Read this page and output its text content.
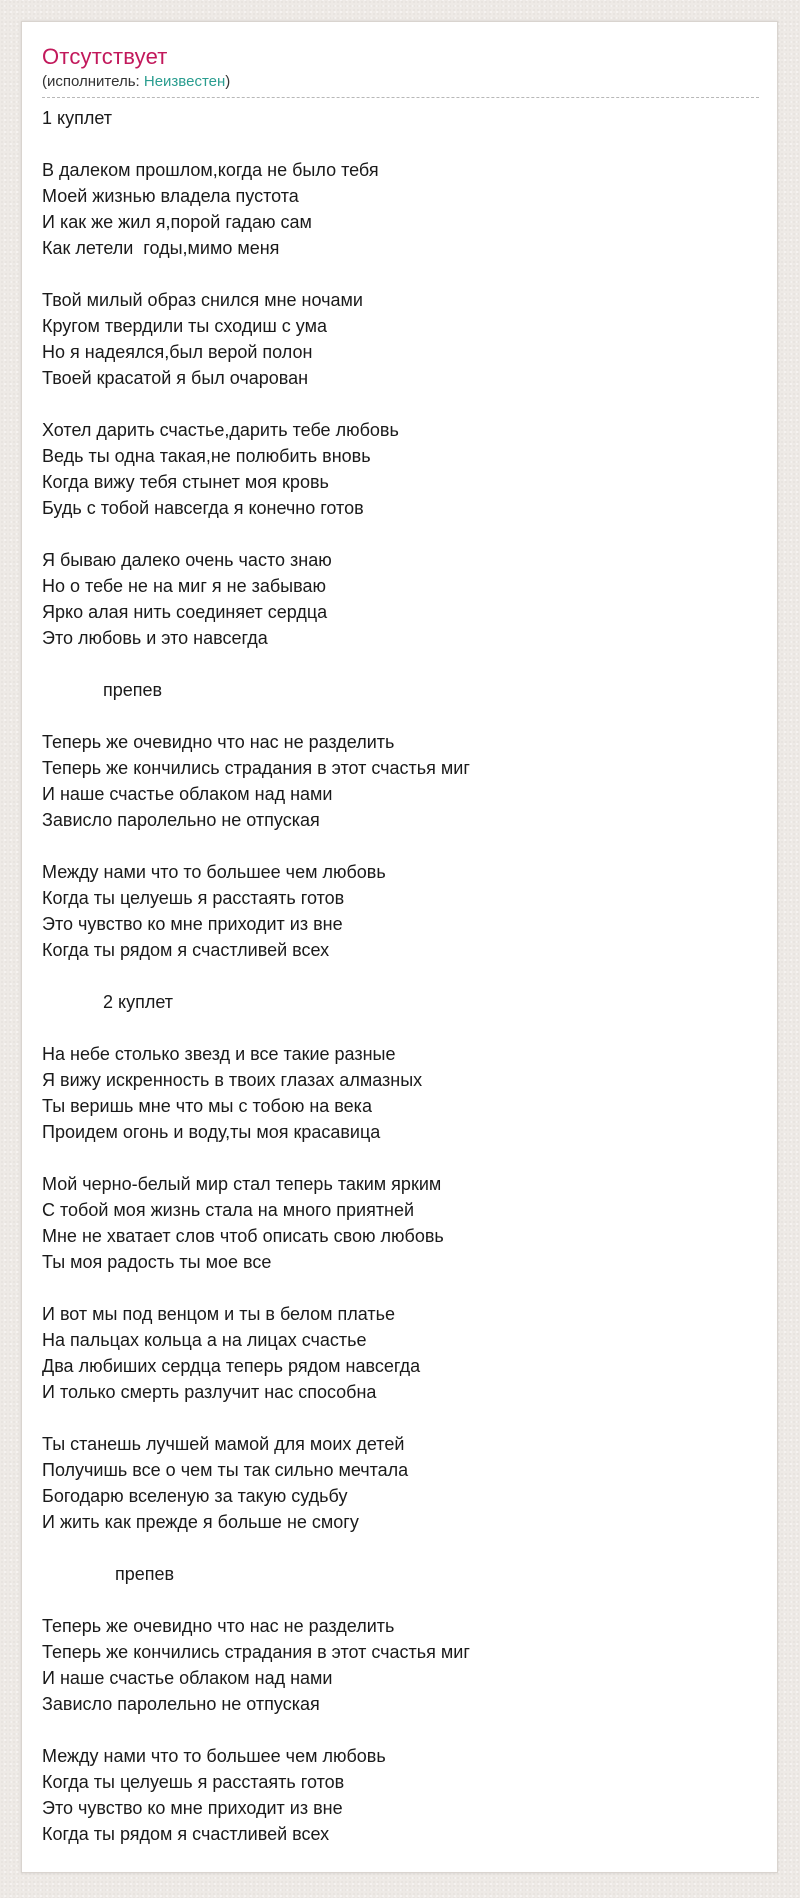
Отсутствует
(исполнитель: Неизвестен)
1 куплет
В далеком прошлом,когда не было тебя
Моей жизнью владела пустота
И как же жил я,порой гадаю сам
Как летели  годы,мимо меня
Твой милый образ снился мне ночами
Кругом твердили ты сходиш с ума
Но я надеялся,был верой полон
Твоей красатой я был очарован
Хотел дарить счастье,дарить тебе любовь
Ведь ты одна такая,не полюбить вновь
Когда вижу тебя стынет моя кровь
Будь с тобой навсегда я конечно готов
Я бываю далеко очень часто знаю
Но о тебе не на миг я не забываю
Ярко алая нить соединяет сердца
Это любовь и это навсегда
препев
Теперь же очевидно что нас не разделить
Теперь же кончились страдания в этот счастья миг
И наше счастье облаком над нами
Зависло паролельно не отпуская
Между нами что то большее чем любовь
Когда ты целуешь я расстаять готов
Это чувство ко мне приходит из вне
Когда ты рядом я счастливей всех
2 куплет
На небе столько звезд и все такие разные
Я вижу искренность в твоих глазах алмазных
Ты веришь мне что мы с тобою на века
Проидем огонь и воду,ты моя красавица
Мой черно-белый мир стал теперь таким ярким
С тобой моя жизнь стала на много приятней
Мне не хватает слов чтоб описать свою любовь
Ты моя радость ты мое все
И вот мы под венцом и ты в белом платье
На пальцах кольца а на лицах счастье
Два любиших сердца теперь рядом навсегда
И только смерть разлучит нас способна
Ты станешь лучшей мамой для моих детей
Получишь все о чем ты так сильно мечтала
Богодарю вселеную за такую судьбу
И жить как прежде я больше не смогу
препев
Теперь же очевидно что нас не разделить
Теперь же кончились страдания в этот счастья миг
И наше счастье облаком над нами
Зависло паролельно не отпуская
Между нами что то большее чем любовь
Когда ты целуешь я расстаять готов
Это чувство ко мне приходит из вне
Когда ты рядом я счастливей всех
